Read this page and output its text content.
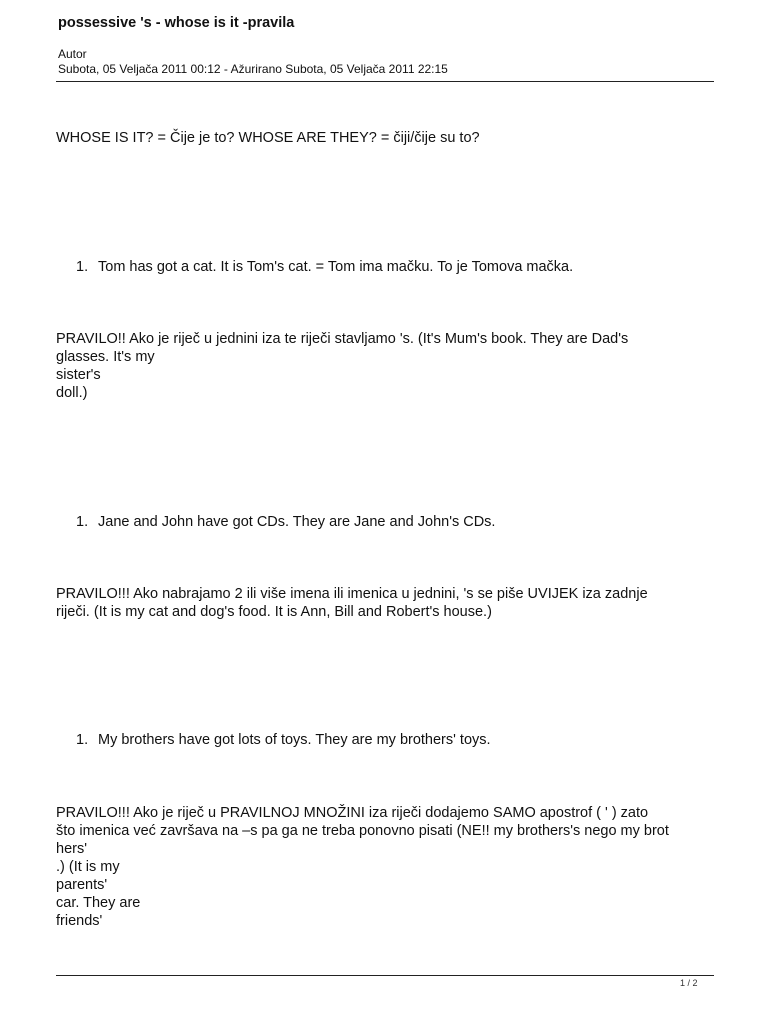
possessive 's - whose is it -pravila
Autor
Subota, 05 Veljača 2011 00:12 - Ažurirano Subota, 05 Veljača 2011 22:15

WHOSE IS IT? = Čije je to? WHOSE ARE THEY? = čiji/čije su to?

1. Tom has got a cat. It is Tom's cat. = Tom ima mačku. To je Tomova mačka.

PRAVILO!! Ako je riječ u jednini iza te riječi stavljamo 's. (It's Mum's book. They are Dad's
glasses. It's my
sister's
doll.)

1. Jane and John have got CDs. They are Jane and John's CDs.

PRAVILO!!! Ako nabrajamo 2 ili više imena ili imenica u jednini, 's se piše UVIJEK iza zadnje
riječi. (It is my cat and dog's food. It is Ann, Bill and Robert's house.)

1. My brothers have got lots of toys. They are my brothers' toys.

PRAVILO!!! Ako je riječ u PRAVILNOJ MNOŽINI iza riječi dodajemo SAMO apostrof ( ' ) zato
što imenica već završava na –s pa ga ne treba ponovno pisati (NE!! my brothers's nego my brot
hers'
.) (It is my
parents'
car. They are
friends'
1 / 2
